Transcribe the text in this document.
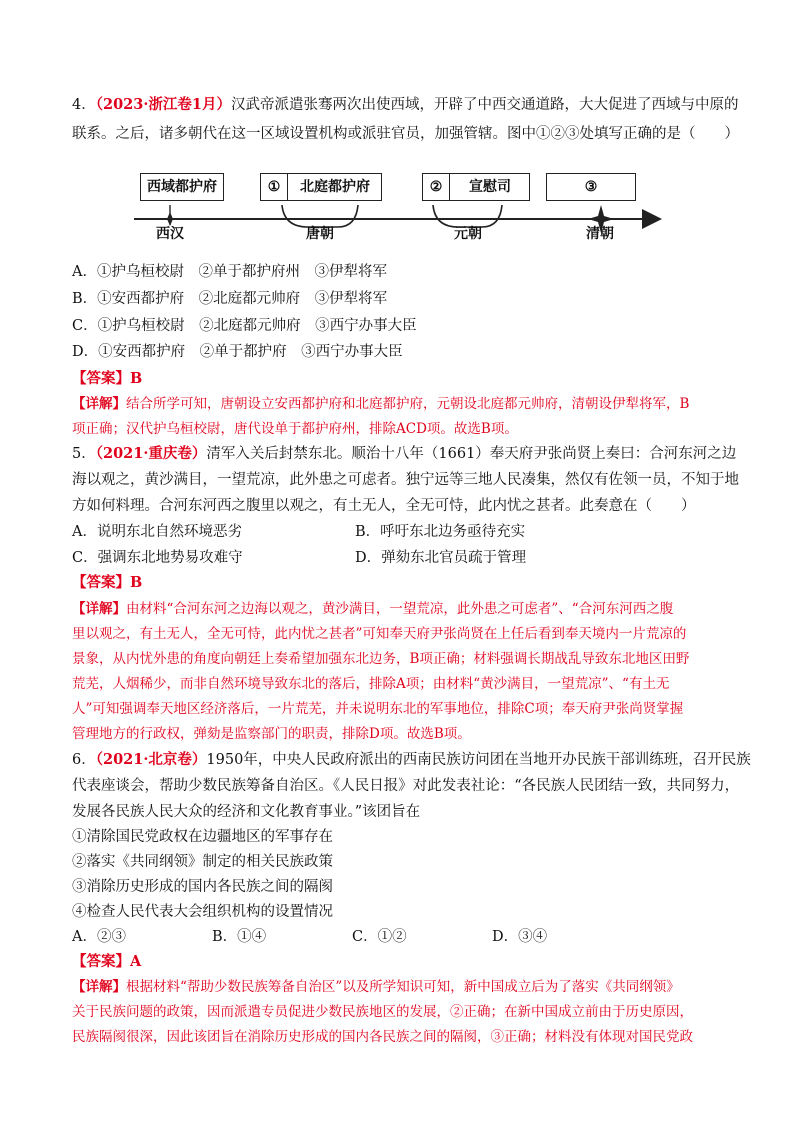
4．（2023·浙江卷1月）汉武帝派遣张骞两次出使西域，开辟了中西交通道路，大大促进了西域与中原的
联系。之后，诸多朝代在这一区域设置机构或派驻官员，加强管辖。图中①②③处填写正确的是（　　）
西域都护府	①	北庭都护府	②	宣慰司	③
西汉	唐朝	元朝	清朝
A．①护乌桓校尉　②单于都护府州　③伊犁将军
B．①安西都护府　②北庭都元帅府　③伊犁将军
C．①护乌桓校尉　②北庭都元帅府　③西宁办事大臣
D．①安西都护府　②单于都护府　③西宁办事大臣
【答案】B
【详解】结合所学可知，唐朝设立安西都护府和北庭都护府，元朝设北庭都元帅府，清朝设伊犁将军，B
项正确；汉代护乌桓校尉，唐代设单于都护府州，排除ACD项。故选B项。
5．（2021·重庆卷）清军入关后封禁东北。顺治十八年（1661）奉天府尹张尚贤上奏曰：合河东河之边
海以观之，黄沙满目，一望荒凉，此外患之可虑者。独宁远等三地人民凑集，然仅有佐领一员，不知于地
方如何料理。合河东河西之腹里以观之，有土无人，全无可恃，此内忧之甚者。此奏意在（　　）
A．说明东北自然环境恶劣	B．呼吁东北边务亟待充实
C．强调东北地势易攻难守	D．弹劾东北官员疏于管理
【答案】B
【详解】由材料“合河东河之边海以观之，黄沙满目，一望荒凉，此外患之可虑者”、“合河东河西之腹
里以观之，有土无人，全无可恃，此内忧之甚者”可知奉天府尹张尚贤在上任后看到奉天境内一片荒凉的
景象，从内忧外患的角度向朝廷上奏希望加强东北边务，B项正确；材料强调长期战乱导致东北地区田野
荒芜，人烟稀少，而非自然环境导致东北的落后，排除A项；由材料“黄沙满目，一望荒凉”、“有土无
人”可知强调奉天地区经济落后，一片荒芜，并未说明东北的军事地位，排除C项；奉天府尹张尚贤掌握
管理地方的行政权，弹劾是监察部门的职责，排除D项。故选B项。
6．（2021·北京卷）1950年，中央人民政府派出的西南民族访问团在当地开办民族干部训练班，召开民族
代表座谈会，帮助少数民族筹备自治区。《人民日报》对此发表社论：“各民族人民团结一致，共同努力，
发展各民族人民大众的经济和文化教育事业。”该团旨在
①清除国民党政权在边疆地区的军事存在
②落实《共同纲领》制定的相关民族政策
③消除历史形成的国内各民族之间的隔阂
④检查人民代表大会组织机构的设置情况
A．②③	B．①④	C．①②	D．③④
【答案】A
【详解】根据材料“帮助少数民族筹备自治区”以及所学知识可知，新中国成立后为了落实《共同纲领》
关于民族问题的政策，因而派遣专员促进少数民族地区的发展，②正确；在新中国成立前由于历史原因，
民族隔阂很深，因此该团旨在消除历史形成的国内各民族之间的隔阂，③正确；材料没有体现对国民党政
